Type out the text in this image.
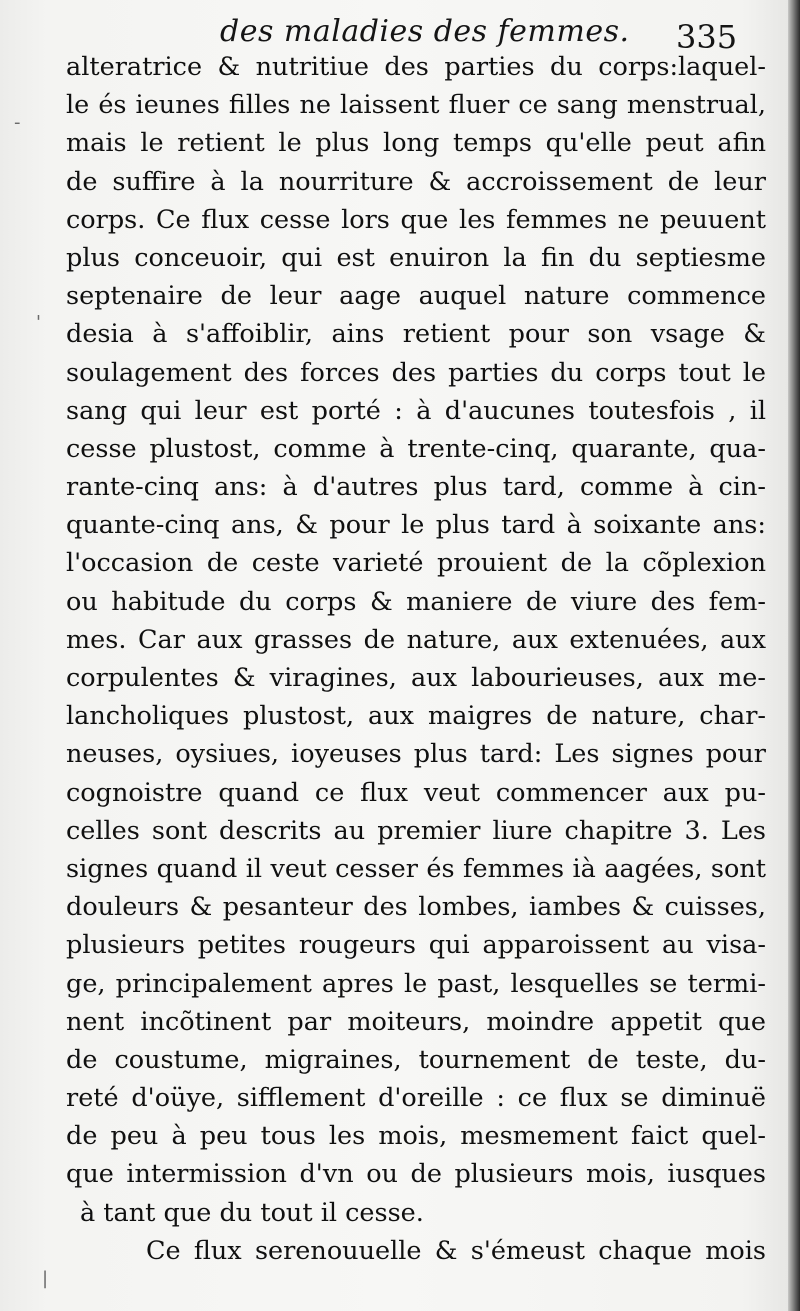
des maladies des femmes. 335
alteratrice & nutritiue des parties du corps:laquel-
le és ieunes filles ne laissent fluer ce sang menstrual,
mais le retient le plus long temps qu'elle peut afin
de suffire à la nourriture & accroissement de leur
corps. Ce flux cesse lors que les femmes ne peuuent
plus conceuoir, qui est enuiron la fin du septiesme
septenaire de leur aage auquel nature commence
desia à s'affoiblir, ains retient pour son vsage &
soulagement des forces des parties du corps tout le
sang qui leur est porté : à d'aucunes toutesfois , il
cesse plustost, comme à trente-cinq, quarante, qua-
rante-cinq ans: à d'autres plus tard, comme à cin-
quante-cinq ans, & pour le plus tard à soixante ans:
l'occasion de ceste varieté prouient de la cõplexion
ou habitude du corps & maniere de viure des fem-
mes. Car aux grasses de nature, aux extenuées, aux
corpulentes & viragines, aux labourieuses, aux me-
lancholiques plustost, aux maigres de nature, char-
neuses, oysiues, ioyeuses plus tard: Les signes pour
cognoistre quand ce flux veut commencer aux pu-
celles sont descrits au premier liure chapitre 3. Les
signes quand il veut cesser és femmes ià aagées, sont
douleurs & pesanteur des lombes, iambes & cuisses,
plusieurs petites rougeurs qui apparoissent au visa-
ge, principalement apres le past, lesquelles se termi-
nent incõtinent par moiteurs, moindre appetit que
de coustume, migraines, tournement de teste, du-
reté d'oüye, sifflement d'oreille : ce flux se diminuë
de peu à peu tous les mois, mesmement faict quel-
que intermission d'vn ou de plusieurs mois, iusques
à tant que du tout il cesse.
Ce flux serenouuelle & s'émeust chaque mois
-
'
|
